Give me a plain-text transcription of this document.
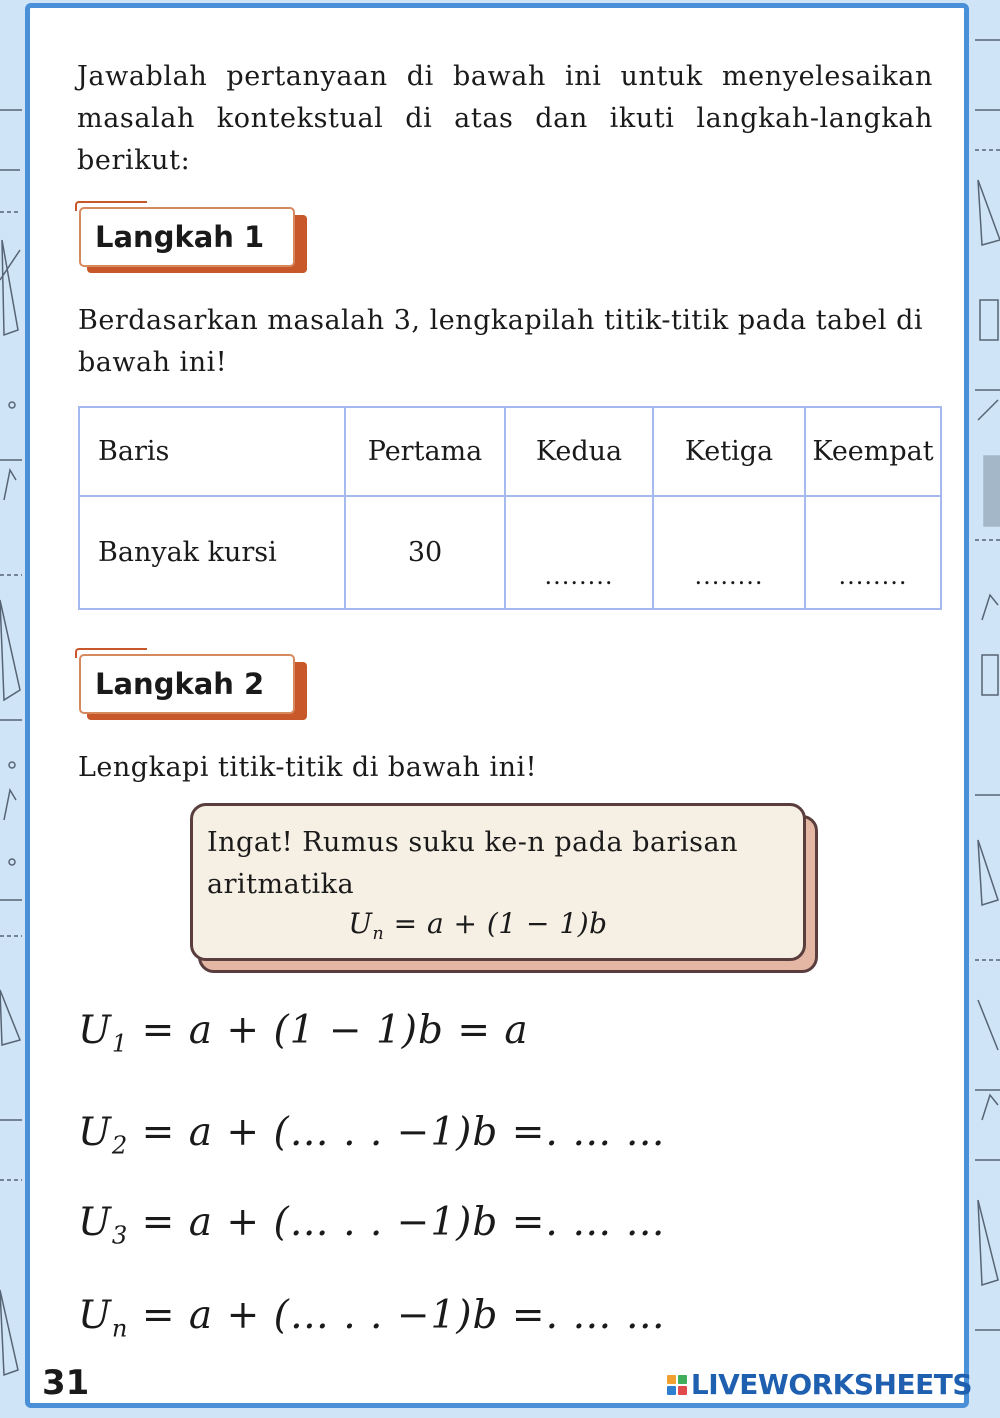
Jawablah pertanyaan di bawah ini untuk menyelesaikan masalah kontekstual di atas dan ikuti langkah-langkah berikut:
Langkah 1
Berdasarkan masalah 3, lengkapilah titik-titik pada tabel di bawah ini!
Baris	Pertama	Kedua	Ketiga	Keempat
Banyak kursi	30	........	........	........
Langkah 2
Lengkapi titik-titik di bawah ini!
Ingat! Rumus suku ke-n pada barisan aritmatika
$U_n = a + (1 - 1)b$
$U_1 = a + (1 - 1)b = a$
$U_2 = a$ + (… . . −1)b =. … …
$U_3 = a$ + (… . . −1)b =. … …
$U_n = a$ + (… . . −1)b =. … …
31	LIVEWORKSHEETS
